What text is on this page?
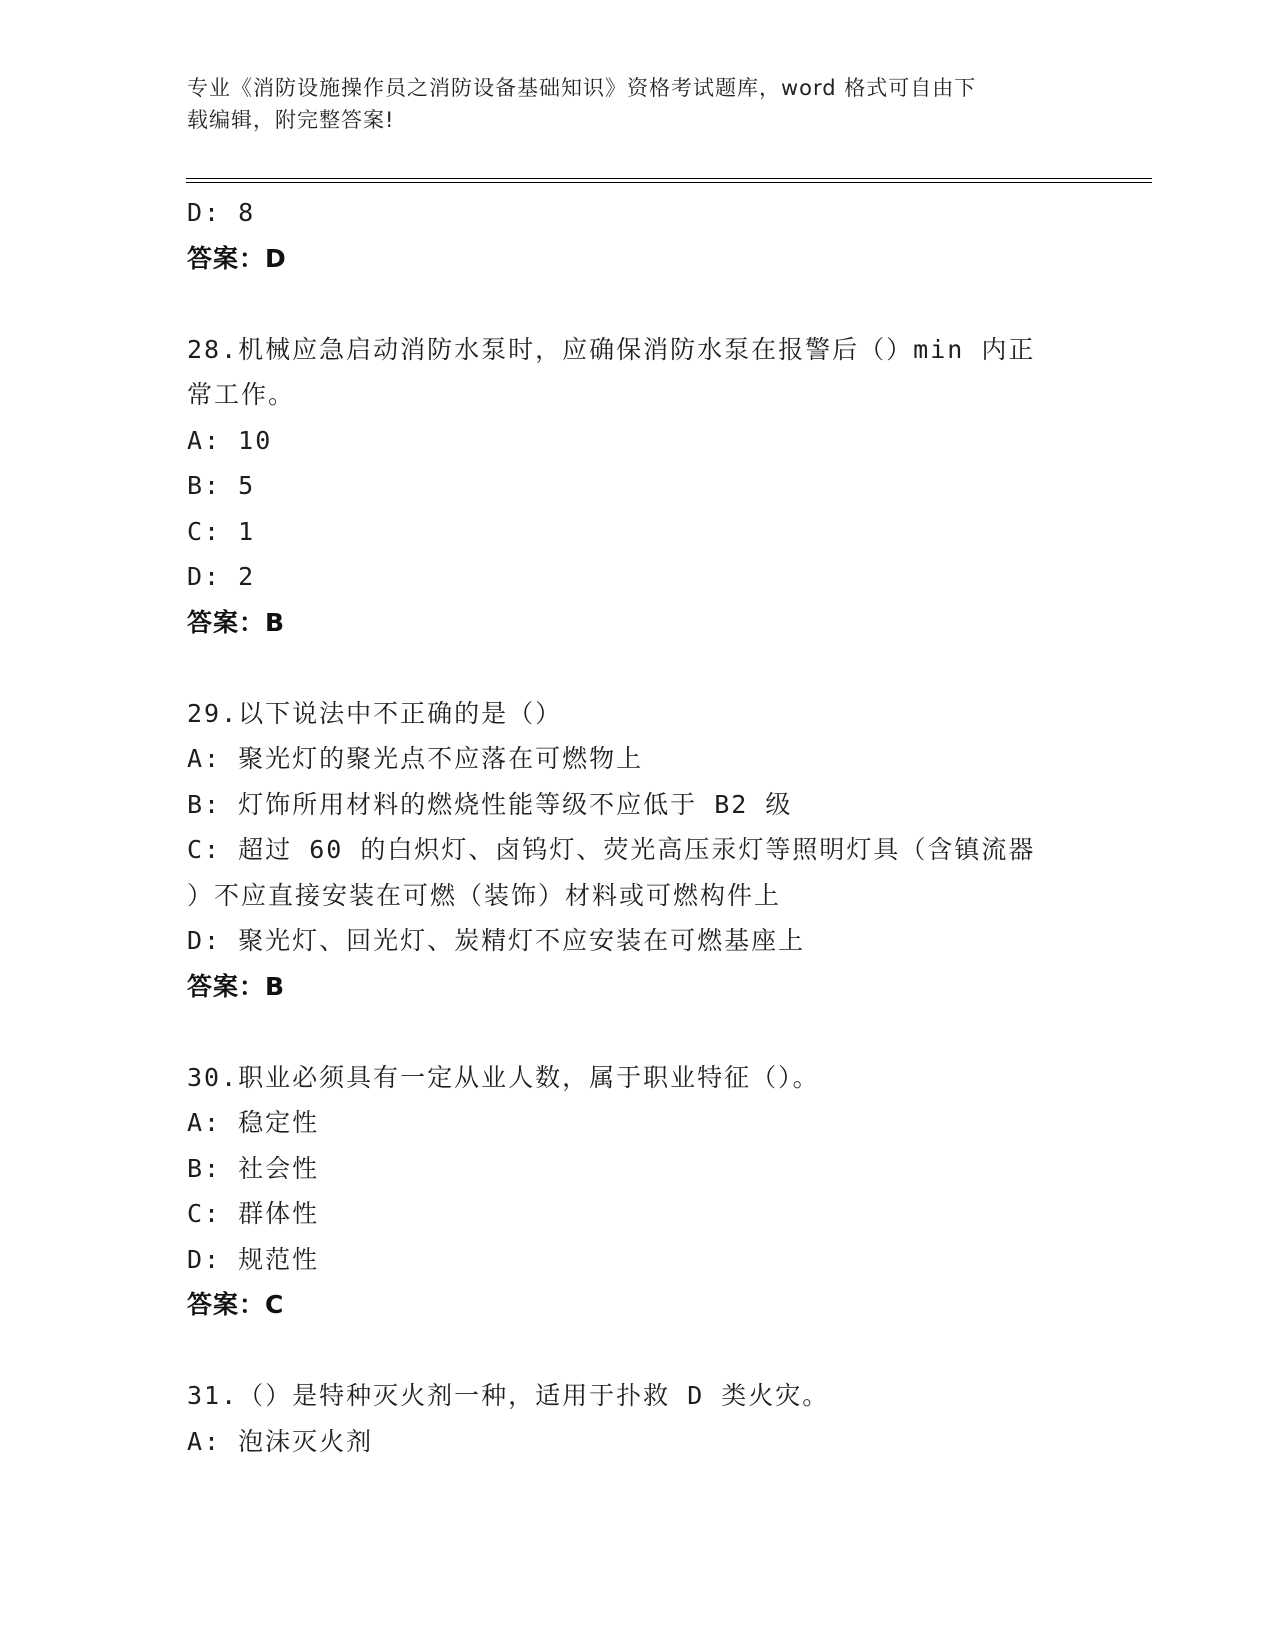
专业《消防设施操作员之消防设备基础知识》资格考试题库，word 格式可自由下
载编辑，附完整答案!
D: 8
答案：D
28.机械应急启动消防水泵时，应确保消防水泵在报警后（）min 内正
常工作。
A: 10
B: 5
C: 1
D: 2
答案：B
29.以下说法中不正确的是（）
A: 聚光灯的聚光点不应落在可燃物上
B: 灯饰所用材料的燃烧性能等级不应低于 B2 级
C: 超过 60 的白炽灯、卤钨灯、荧光高压汞灯等照明灯具（含镇流器
）不应直接安装在可燃（装饰）材料或可燃构件上
D: 聚光灯、回光灯、炭精灯不应安装在可燃基座上
答案：B
30.职业必须具有一定从业人数，属于职业特征（）。
A: 稳定性
B: 社会性
C: 群体性
D: 规范性
答案：C
31.（）是特种灭火剂一种，适用于扑救 D 类火灾。
A: 泡沫灭火剂
